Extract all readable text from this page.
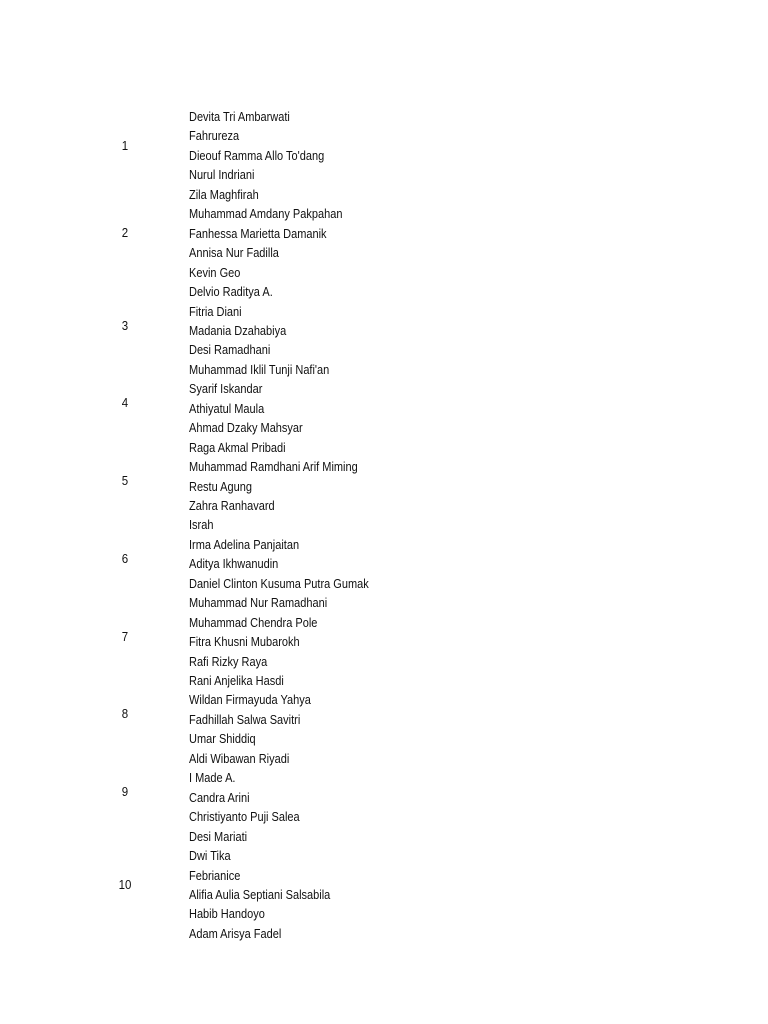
1
Devita Tri Ambarwati
Fahrureza
Dieouf Ramma Allo To'dang
Nurul Indriani
Zila Maghfirah
2
Muhammad Amdany Pakpahan
Fanhessa Marietta Damanik
Annisa Nur Fadilla
Kevin Geo
Delvio Raditya A.
3
Fitria Diani
Madania Dzahabiya
Desi Ramadhani
Muhammad Iklil Tunji Nafi'an
4
Syarif Iskandar
Athiyatul Maula
Ahmad Dzaky Mahsyar
Raga Akmal Pribadi
5
Muhammad Ramdhani Arif Miming
Restu Agung
Zahra Ranhavard
Israh
6
Irma Adelina Panjaitan
Aditya Ikhwanudin
Daniel Clinton Kusuma Putra Gumak
Muhammad Nur Ramadhani
7
Muhammad Chendra Pole
Fitra Khusni Mubarokh
Rafi Rizky Raya
Rani Anjelika Hasdi
8
Wildan Firmayuda Yahya
Fadhillah Salwa Savitri
Umar Shiddiq
Aldi Wibawan Riyadi
9
I Made A.
Candra Arini
Christiyanto Puji Salea
Desi Mariati
10
Dwi Tika
Febrianice
Alifia Aulia Septiani Salsabila
Habib Handoyo
Adam Arisya Fadel
